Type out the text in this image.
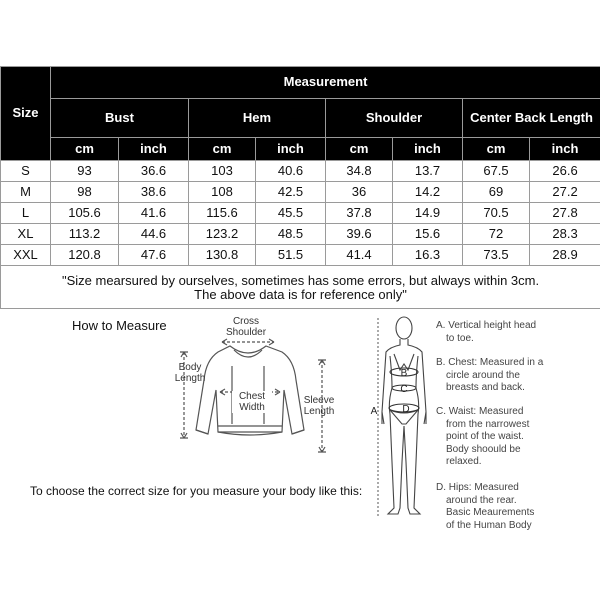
Size	Measurement							
	Bust		Hem		Shoulder		Center Back Length	
	cm	inch	cm	inch	cm	inch	cm	inch
S	93	36.6	103	40.6	34.8	13.7	67.5	26.6
M	98	38.6	108	42.5	36	14.2	69	27.2
L	105.6	41.6	115.6	45.5	37.8	14.9	70.5	27.8
XL	113.2	44.6	123.2	48.5	39.6	15.6	72	28.3
XXL	120.8	47.6	130.8	51.5	41.4	16.3	73.5	28.9
"Size mearsured by ourselves, sometimes has some errors, but always within 3cm.
The above data is for reference only"								
How to Measure	Cross
Shoulder
Body
Length
Chest
Width
Sleeve
Length
To choose the correct size for you measure your body like this:
B
C
D
A
A. Vertical height head
to toe.
B. Chest: Measured in a
circle around the
breasts and back.
C. Waist: Measured
from the narrowest
point of the waist.
Body shoould be
relaxed.
D. Hips: Measured
around the rear.
Basic Meaurements
of the Human Body
